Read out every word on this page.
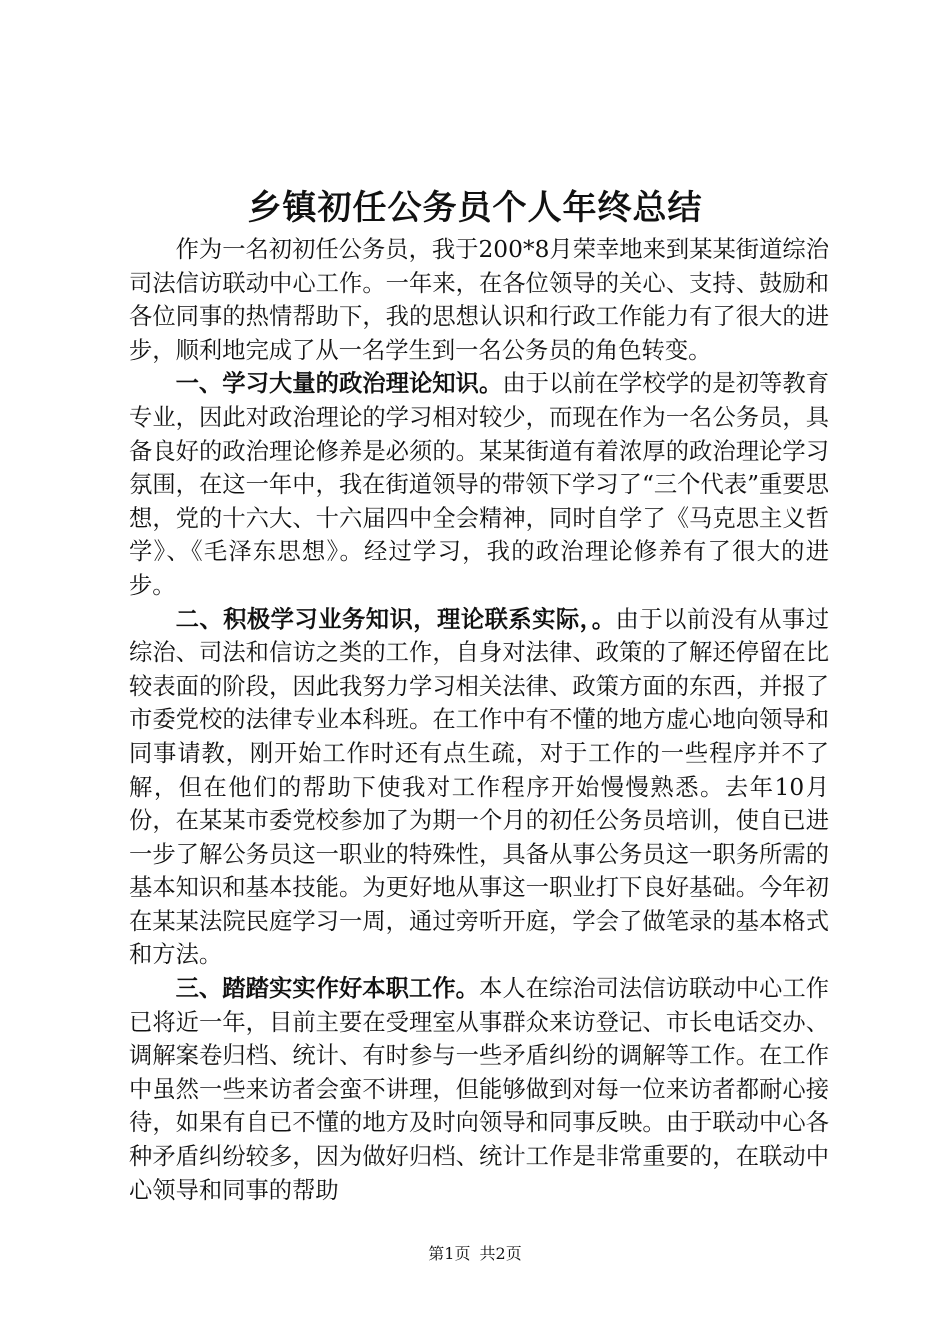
乡镇初任公务员个人年终总结

作为一名初初任公务员，我于200*8月荣幸地来到某某街道综治司法信访联动中心工作。一年来，在各位领导的关心、支持、鼓励和各位同事的热情帮助下，我的思想认识和行政工作能力有了很大的进步，顺利地完成了从一名学生到一名公务员的角色转变。

一、学习大量的政治理论知识。由于以前在学校学的是初等教育专业，因此对政治理论的学习相对较少，而现在作为一名公务员，具备良好的政治理论修养是必须的。某某街道有着浓厚的政治理论学习氛围，在这一年中，我在街道领导的带领下学习了“三个代表”重要思想，党的十六大、十六届四中全会精神，同时自学了《马克思主义哲学》、《毛泽东思想》。经过学习，我的政治理论修养有了很大的进步。

二、积极学习业务知识，理论联系实际，。由于以前没有从事过综治、司法和信访之类的工作，自身对法律、政策的了解还停留在比较表面的阶段，因此我努力学习相关法律、政策方面的东西，并报了市委党校的法律专业本科班。在工作中有不懂的地方虚心地向领导和同事请教，刚开始工作时还有点生疏，对于工作的一些程序并不了解，但在他们的帮助下使我对工作程序开始慢慢熟悉。去年10月份，在某某市委党校参加了为期一个月的初任公务员培训，使自已进一步了解公务员这一职业的特殊性，具备从事公务员这一职务所需的基本知识和基本技能。为更好地从事这一职业打下良好基础。今年初在某某法院民庭学习一周，通过旁听开庭，学会了做笔录的基本格式和方法。

三、踏踏实实作好本职工作。本人在综治司法信访联动中心工作已将近一年，目前主要在受理室从事群众来访登记、市长电话交办、调解案卷归档、统计、有时参与一些矛盾纠纷的调解等工作。在工作中虽然一些来访者会蛮不讲理，但能够做到对每一位来访者都耐心接待，如果有自已不懂的地方及时向领导和同事反映。由于联动中心各种矛盾纠纷较多，因为做好归档、统计工作是非常重要的，在联动中心领导和同事的帮助

第1页 共2页
